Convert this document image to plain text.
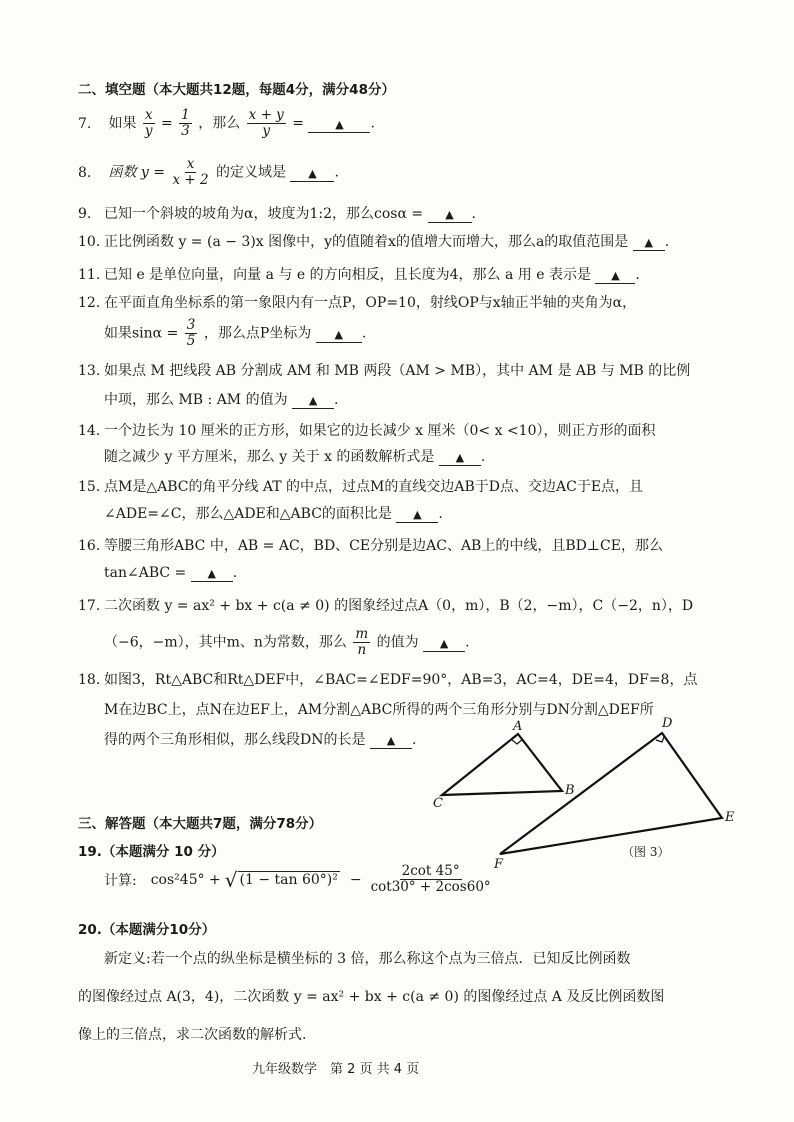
二、填空题（本大题共12题，每题4分，满分48分）
7. 如果 $\frac{x}{y} = \frac{1}{3}$ ，那么 $\frac{x + y}{y}$ =	▲ .
8. 函数 $y = \frac{x}{x + 2}$ 的定义域是 ▲ .
9. 已知一个斜坡的坡角为α，坡度为1:2，那么cosα = ▲ .
10. 正比例函数 y = (a − 3)x 图像中，y的值随着x的值增大而增大，那么a的取值范围是 ▲ .
11. 已知 e 是单位向量，向量 a 与 e 的方向相反，且长度为4，那么 a 用 e 表示是 ▲ .
12. 在平面直角坐标系的第一象限内有一点P，OP=10，射线OP与x轴正半轴的夹角为α，
如果$\sin\alpha = \frac{3}{5}$ ，那么点P坐标为 ▲ .
13. 如果点 M 把线段 AB 分割成 AM 和 MB 两段（AM > MB），其中 AM 是 AB 与 MB 的比例
中项，那么 MB : AM 的值为 ▲ .
14. 一个边长为 10 厘米的正方形，如果它的边长减少 x 厘米（0< x <10），则正方形的面积
随之减少 y 平方厘米，那么 y 关于 x 的函数解析式是 ▲ .
15. 点M是△ABC的角平分线 AT 的中点，过点M的直线交边AB于D点、交边AC于E点，且
∠ADE=∠C，那么△ADE和△ABC的面积比是 ▲ .
16. 等腰三角形ABC 中，AB = AC，BD、CE分别是边AC、AB上的中线，且BD⊥CE，那么
tan∠ABC = ▲ .
17. 二次函数 y = ax² + bx + c(a ≠ 0) 的图象经过点A（0，m），B（2，−m），C（−2，n），D
（−6，−m），其中m、n为常数，那么 $\frac{m}{n}$ 的值为 ▲ .
18. 如图3，Rt△ABC和Rt△DEF中，∠BAC=∠EDF=90°，AB=3，AC=4，DE=4，DF=8，点
M在边BC上，点N在边EF上，AM分割△ABC所得的两个三角形分别与DN分割△DEF所
得的两个三角形相似，那么线段DN的长是 ▲ .
A
B
C
D
E
F
（图 3）
三、解答题（本大题共7题，满分78分）
19.（本题满分 10 分）
计算: cos²45° + √ $(1 - \tan 60^\circ)^2 - \frac{2\cot 45^\circ}{\cot 30^\circ + 2\cos 60^\circ}$
20.（本题满分10分）
新定义:若一个点的纵坐标是横坐标的 3 倍，那么称这个点为三倍点．已知反比例函数
的图像经过点 A(3，4)，二次函数 y = ax² + bx + c(a ≠ 0) 的图像经过点 A 及反比例函数图
像上的三倍点，求二次函数的解析式.
九年级数学　第 2 页 共 4 页
